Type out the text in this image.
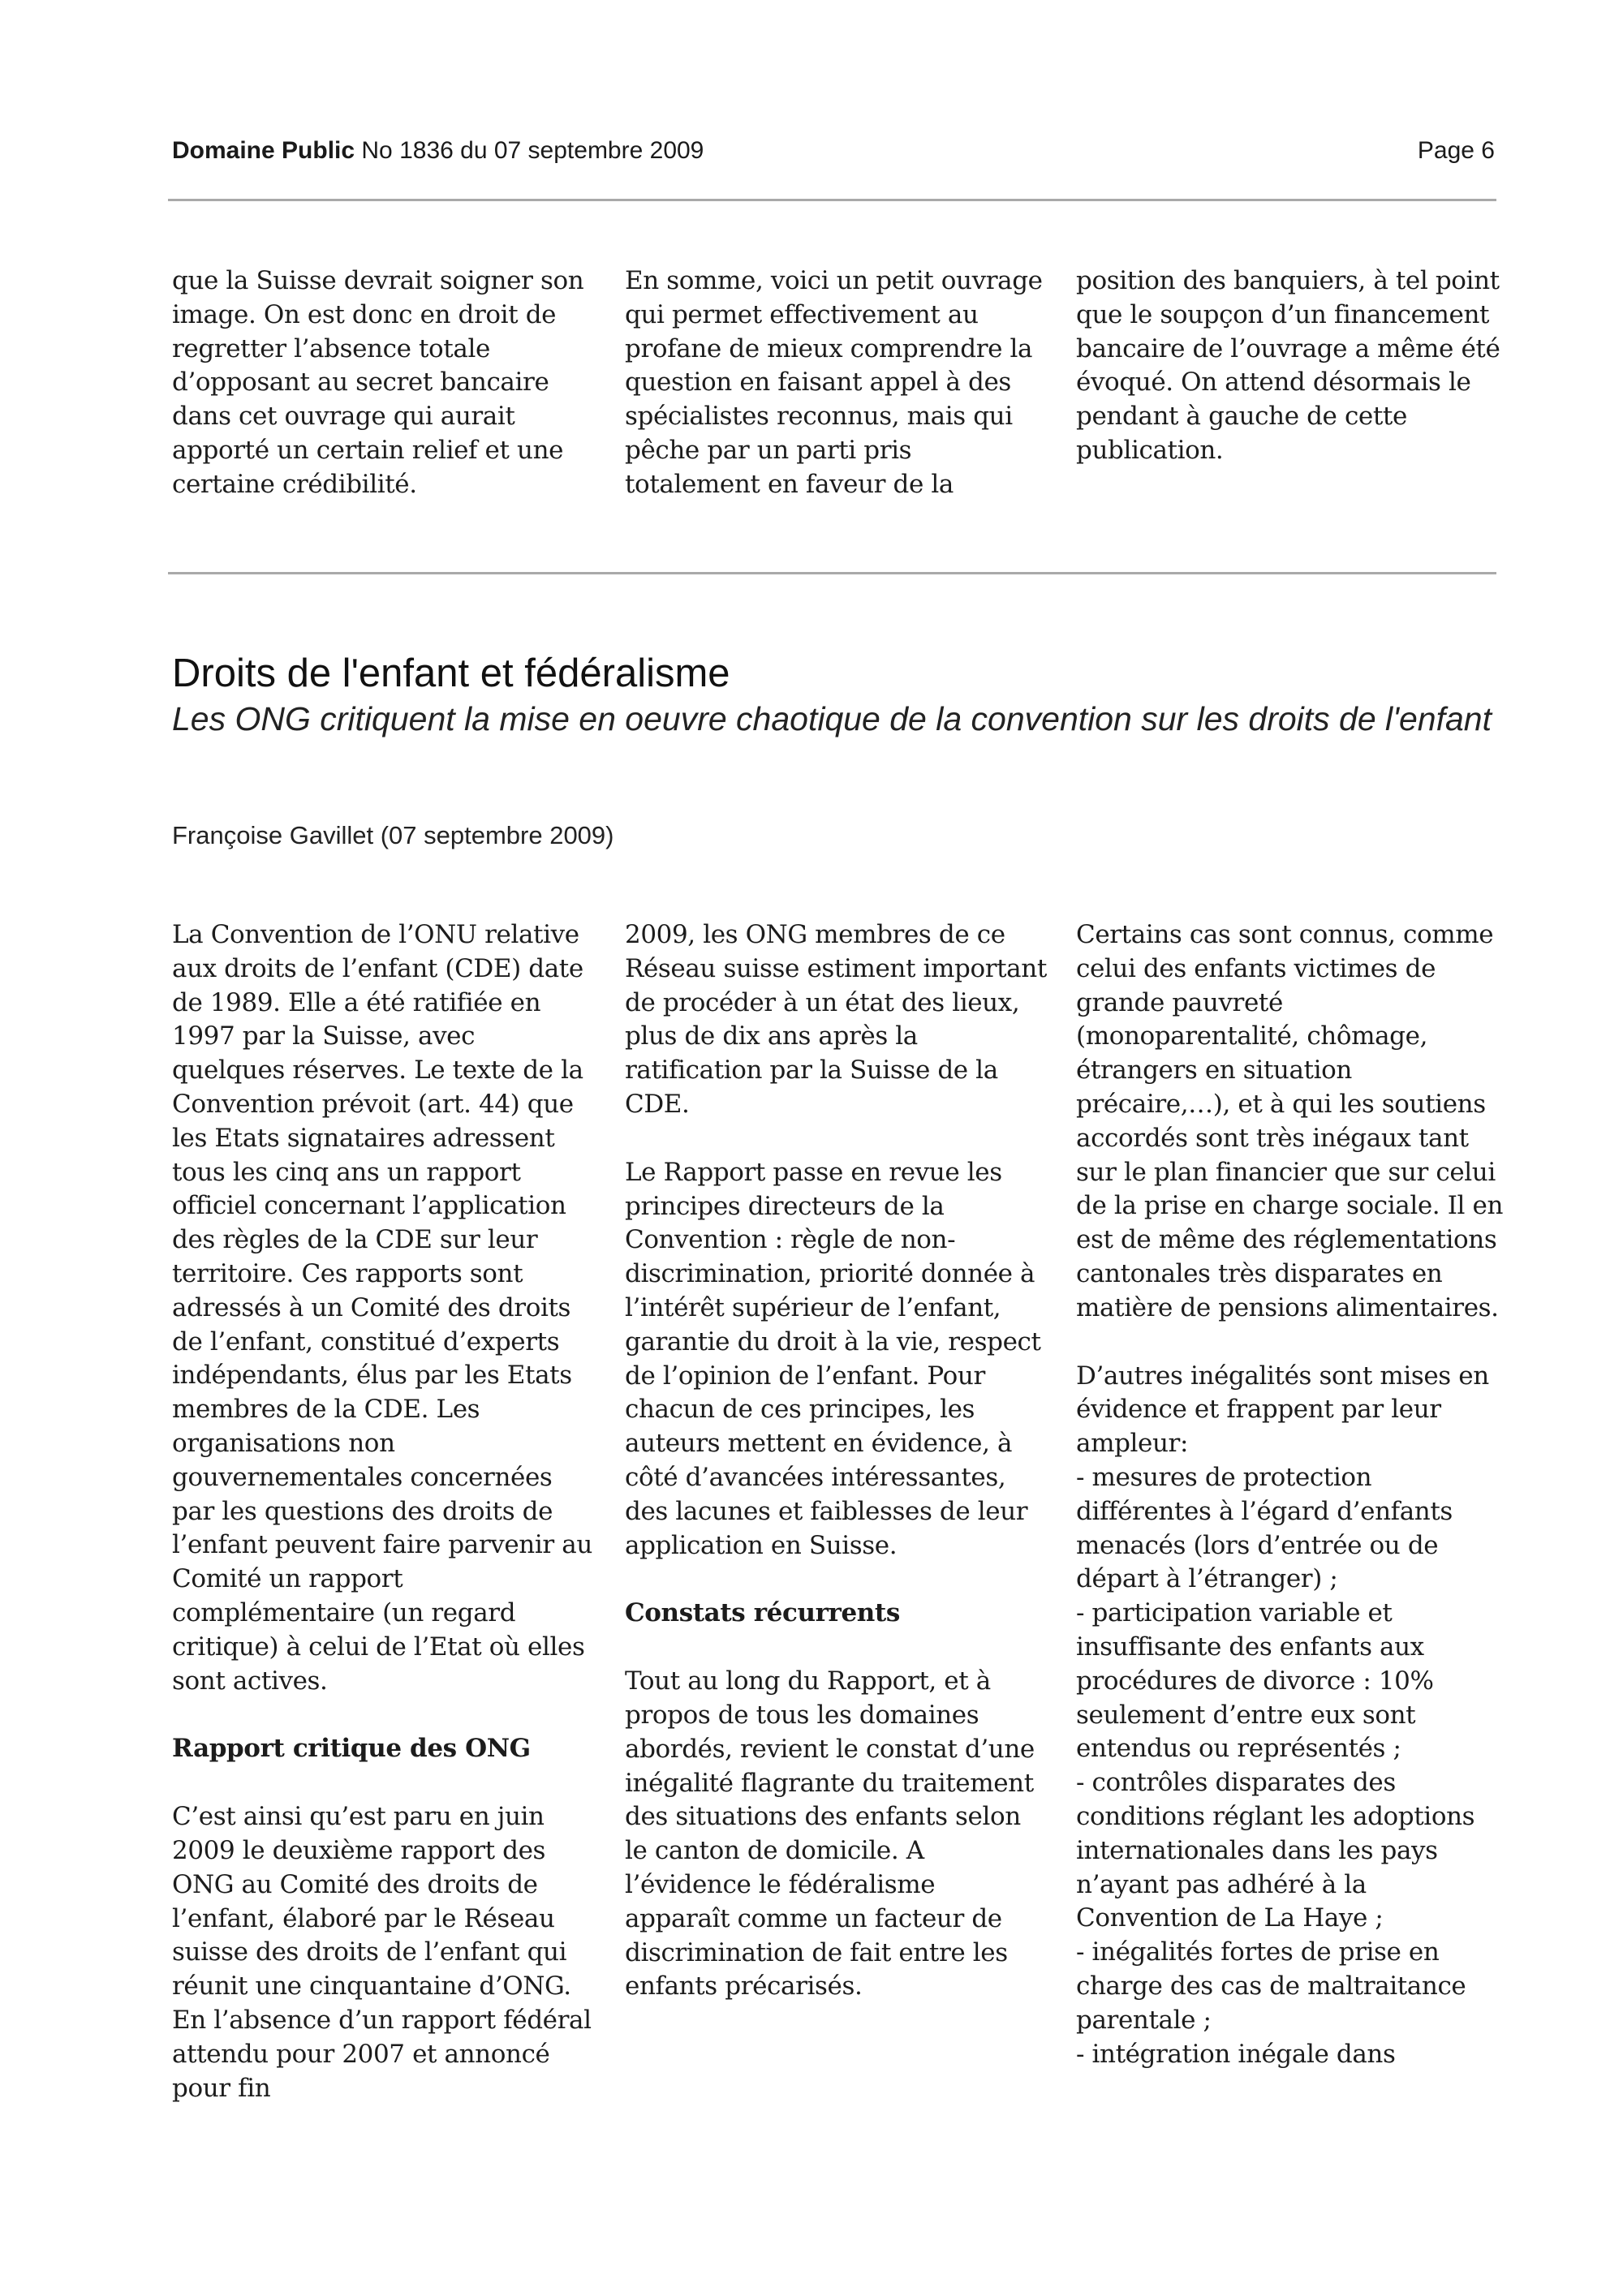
Domaine Public No 1836 du 07 septembre 2009	Page 6

que la Suisse devrait soigner son image. On est donc en droit de regretter l’absence totale d’opposant au secret bancaire dans cet ouvrage qui aurait apporté un certain relief et une certaine crédibilité.

En somme, voici un petit ouvrage qui permet effectivement au profane de mieux comprendre la question en faisant appel à des spécialistes reconnus, mais qui pêche par un parti pris totalement en faveur de la

position des banquiers, à tel point que le soupçon d’un financement bancaire de l’ouvrage a même été évoqué. On attend désormais le pendant à gauche de cette publication.

Droits de l'enfant et fédéralisme

Les ONG critiquent la mise en oeuvre chaotique de la convention sur les droits de l'enfant

Françoise Gavillet (07 septembre 2009)

La Convention de l’ONU relative aux droits de l’enfant (CDE) date de 1989. Elle a été ratifiée en 1997 par la Suisse, avec quelques réserves. Le texte de la Convention prévoit (art. 44) que les Etats signataires adressent tous les cinq ans un rapport officiel concernant l’application des règles de la CDE sur leur territoire. Ces rapports sont adressés à un Comité des droits de l’enfant, constitué d’experts indépendants, élus par les Etats membres de la CDE. Les organisations non gouvernementales concernées par les questions des droits de l’enfant peuvent faire parvenir au Comité un rapport complémentaire (un regard critique) à celui de l’Etat où elles sont actives.

Rapport critique des ONG

C’est ainsi qu’est paru en juin 2009 le deuxième rapport des ONG au Comité des droits de l’enfant, élaboré par le Réseau suisse des droits de l’enfant qui réunit une cinquantaine d’ONG. En l’absence d’un rapport fédéral attendu pour 2007 et annoncé pour fin

2009, les ONG membres de ce Réseau suisse estiment important de procéder à un état des lieux, plus de dix ans après la ratification par la Suisse de la CDE.

Le Rapport passe en revue les principes directeurs de la Convention : règle de non-discrimination, priorité donnée à l’intérêt supérieur de l’enfant, garantie du droit à la vie, respect de l’opinion de l’enfant. Pour chacun de ces principes, les auteurs mettent en évidence, à côté d’avancées intéressantes, des lacunes et faiblesses de leur application en Suisse.

Constats récurrents

Tout au long du Rapport, et à propos de tous les domaines abordés, revient le constat d’une inégalité flagrante du traitement des situations des enfants selon le canton de domicile. A l’évidence le fédéralisme apparaît comme un facteur de discrimination de fait entre les enfants précarisés.

Certains cas sont connus, comme celui des enfants victimes de grande pauvreté (monoparentalité, chômage, étrangers en situation précaire,…), et à qui les soutiens accordés sont très inégaux tant sur le plan financier que sur celui de la prise en charge sociale. Il en est de même des réglementations cantonales très disparates en matière de pensions alimentaires.

D’autres inégalités sont mises en évidence et frappent par leur ampleur:

- mesures de protection différentes à l’égard d’enfants menacés (lors d’entrée ou de départ à l’étranger) ;
- participation variable et insuffisante des enfants aux procédures de divorce : 10% seulement d’entre eux sont entendus ou représentés ;
- contrôles disparates des conditions réglant les adoptions internationales dans les pays n’ayant pas adhéré à la Convention de La Haye ;
- inégalités fortes de prise en charge des cas de maltraitance parentale ;
- intégration inégale dans
